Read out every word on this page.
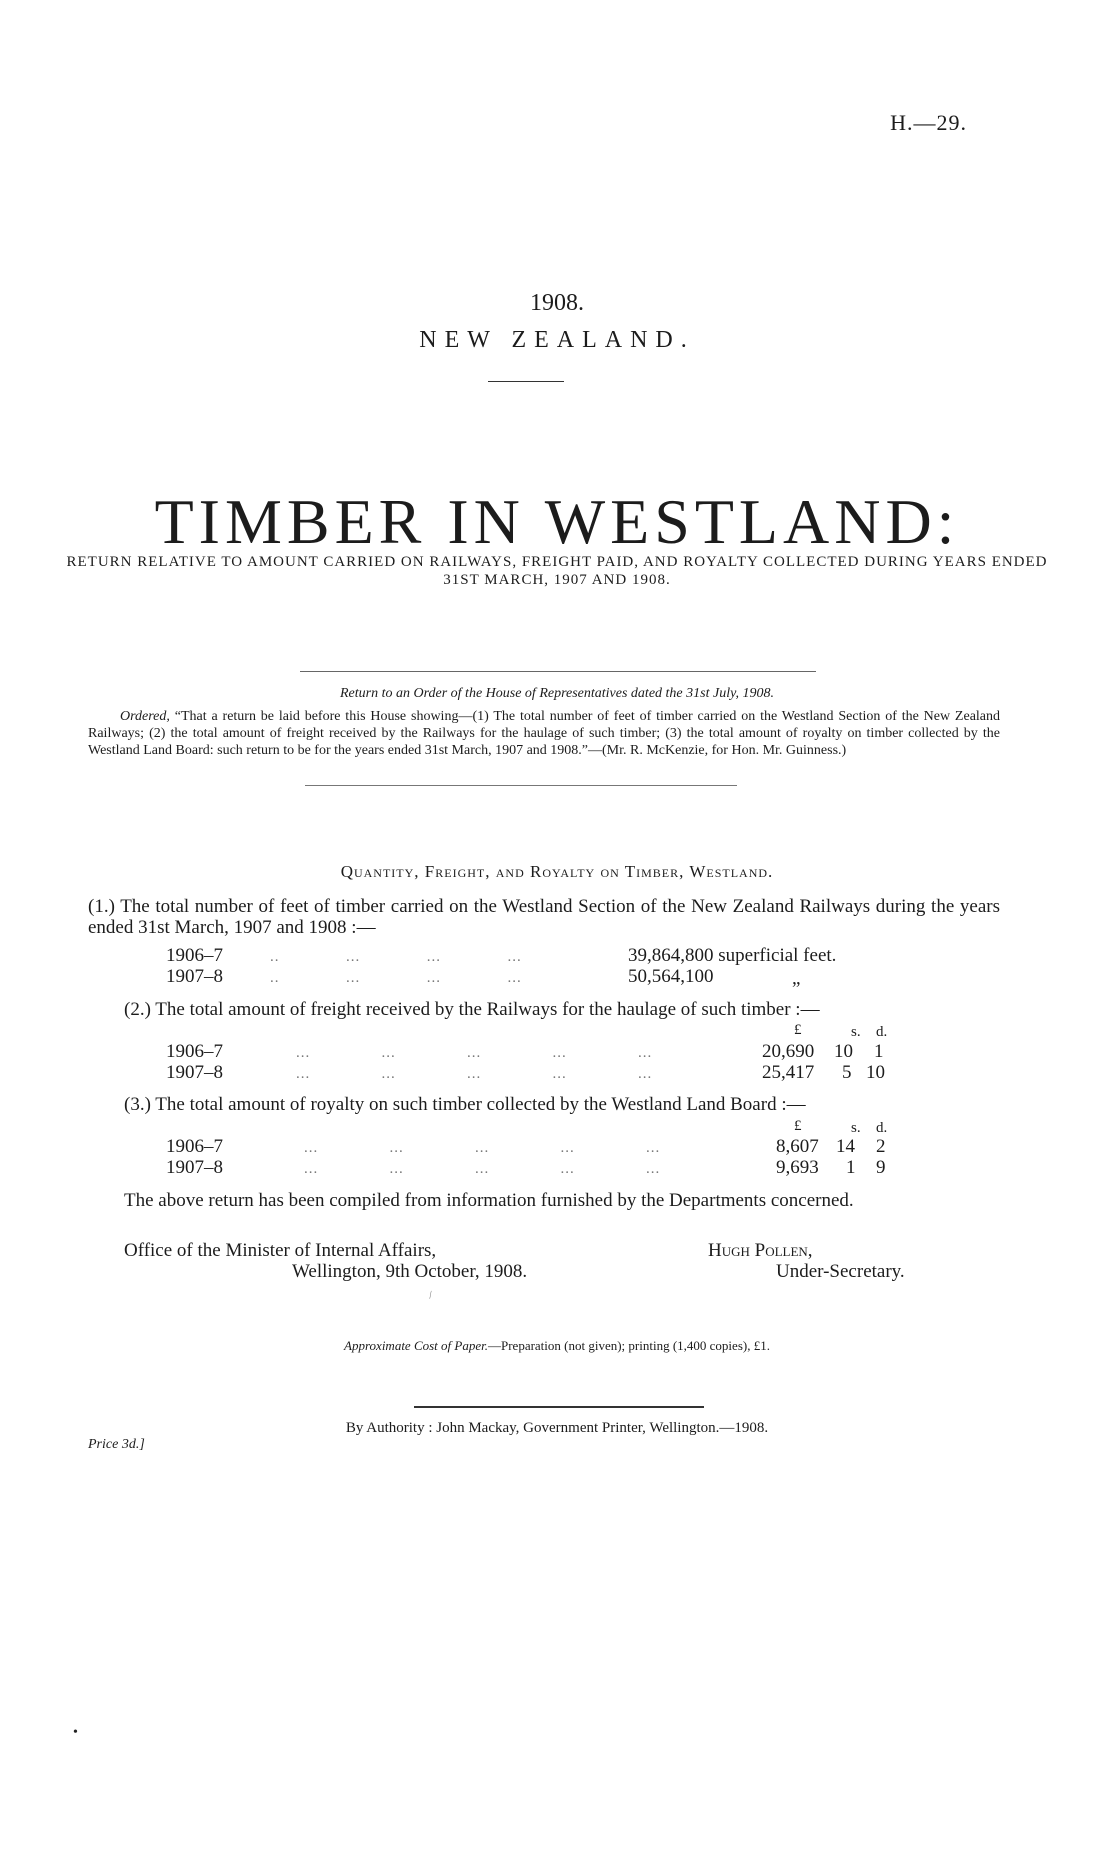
H.—29.
1908.
NEW ZEALAND.
TIMBER IN WESTLAND:
RETURN RELATIVE TO AMOUNT CARRIED ON RAILWAYS, FREIGHT PAID, AND ROYALTY COLLECTED DURING YEARS ENDED 31ST MARCH, 1907 AND 1908.
Return to an Order of the House of Representatives dated the 31st July, 1908.
Ordered, “That a return be laid before this House showing—(1) The total number of feet of timber carried on the Westland Section of the New Zealand Railways; (2) the total amount of freight received by the Railways for the haulage of such timber; (3) the total amount of royalty on timber collected by the Westland Land Board: such return to be for the years ended 31st March, 1907 and 1908.”—(Mr. R. McKenzie, for Hon. Mr. Guinness.)
Quantity, Freight, and Royalty on Timber, Westland.
(1.) The total number of feet of timber carried on the Westland Section of the New Zealand Railways during the years ended 31st March, 1907 and 1908 :—
1906–7	..              ...              ...              ...	39,864,800 superficial feet.
1907–8	..              ...              ...              ...	50,564,100	„
(2.) The total amount of freight received by the Railways for the haulage of such timber :—
£	s. d.
1906–7	...               ...               ...               ...               ...	20,690 10 1
1907–8	...               ...               ...               ...               ...	25,417 5 10
(3.) The total amount of royalty on such timber collected by the Westland Land Board :—
£	s. d.
1906–7	...               ...               ...               ...               ...	8,607 14 2
1907–8	...               ...               ...               ...               ...	9,693 1 9
The above return has been compiled from information furnished by the Departments concerned.
Office of the Minister of Internal Affairs,
Wellington, 9th October, 1908.
Hugh Pollen,
Under-Secretary.
⁄
Approximate Cost of Paper.—Preparation (not given); printing (1,400 copies), £1.
By Authority : John Mackay, Government Printer, Wellington.—1908.
Price 3d.]
•
